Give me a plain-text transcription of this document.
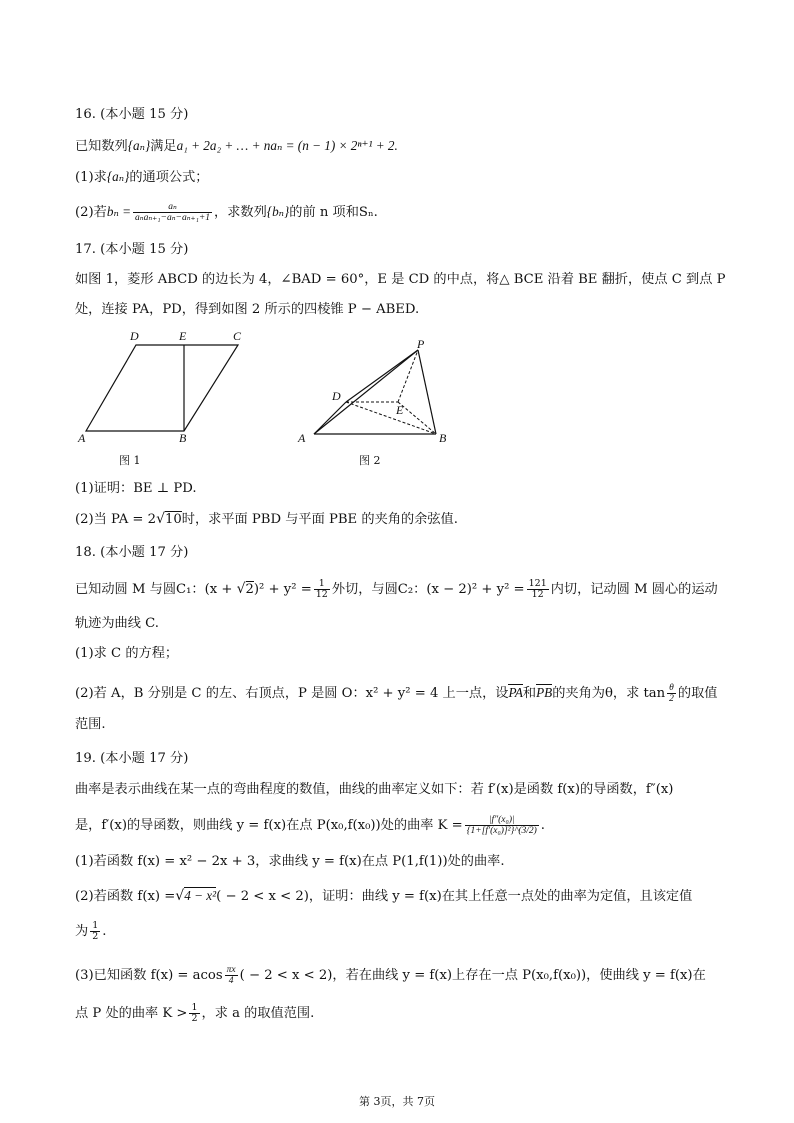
16. (本小题 15 分)
已知数列{aₙ}满足a₁ + 2a₂ + … + naₙ = (n − 1) × 2ⁿ⁺¹ + 2.
(1)求{aₙ}的通项公式；
(2)若$b_n = \frac{\text{aₙ}}{\text{aₙaₙ₊₁−aₙ−aₙ₊₁+1}}$ ，求数列{bₙ}的前 n 项和Sₙ.
17. (本小题 15 分)
如图 1，菱形 ABCD 的边长为 4，∠BAD = 60°，E 是 CD 的中点，将△ BCE 沿着 BE 翻折，使点 C 到点 P
处，连接 PA，PD，得到如图 2 所示的四棱锥 P − ABED.
D	E	C
A	B
图 1
P
D
E
A	B
图 2
(1)证明：BE ⊥ PD.
(2)当 PA = 2√10时，求平面 PBD 与平面 PBE 的夹角的余弦值.
18. (本小题 17 分)
已知动圆 M 与圆C₁：$(x + √2)^2 + y^2 = \frac{1}{12}$ 外切，与圆C₂：$(x - 2)^2 + y^2 = \frac{121}{12}$ 内切，记动圆 M 圆心的运动
轨迹为曲线 C.
(1)求 C 的方程；
(2)若 A，B 分别是 C 的左、右顶点，P 是圆 O：x² + y² = 4 上一点，设PA和PB的夹角为θ，求 $\tan \frac{\theta}{2}$ 的取值
范围.
19. (本小题 17 分)
曲率是表示曲线在某一点的弯曲程度的数值，曲线的曲率定义如下：若 f′(x)是函数 f(x)的导函数，f″(x)
是，f′(x)的导函数，则曲线 y = f(x)在点 P(x₀,f(x₀))处的曲率 $K = \frac{\text{|f″(x₀)|}}{\text{\{1+[f′(x₀)]²\}\textasciicircum{}(3/2)}}$ .
(1)若函数 f(x) = x² − 2x + 3，求曲线 y = f(x)在点 P(1,f(1))处的曲率.
(2)若函数 f(x) =√4 − x²( − 2 < x < 2)，证明：曲线 y = f(x)在其上任意一点处的曲率为定值，且该定值
为 $\frac{1}{2}$ .
(3)已知函数 f(x) = acos $\frac{\pi x}{4}$ ( − 2 < x < 2)，若在曲线 y = f(x)上存在一点 P(x₀,f(x₀))，使曲线 y = f(x)在
点 P 处的曲率 $K > \frac{1}{2}$ ，求 a 的取值范围.
第 3页，共 7页
